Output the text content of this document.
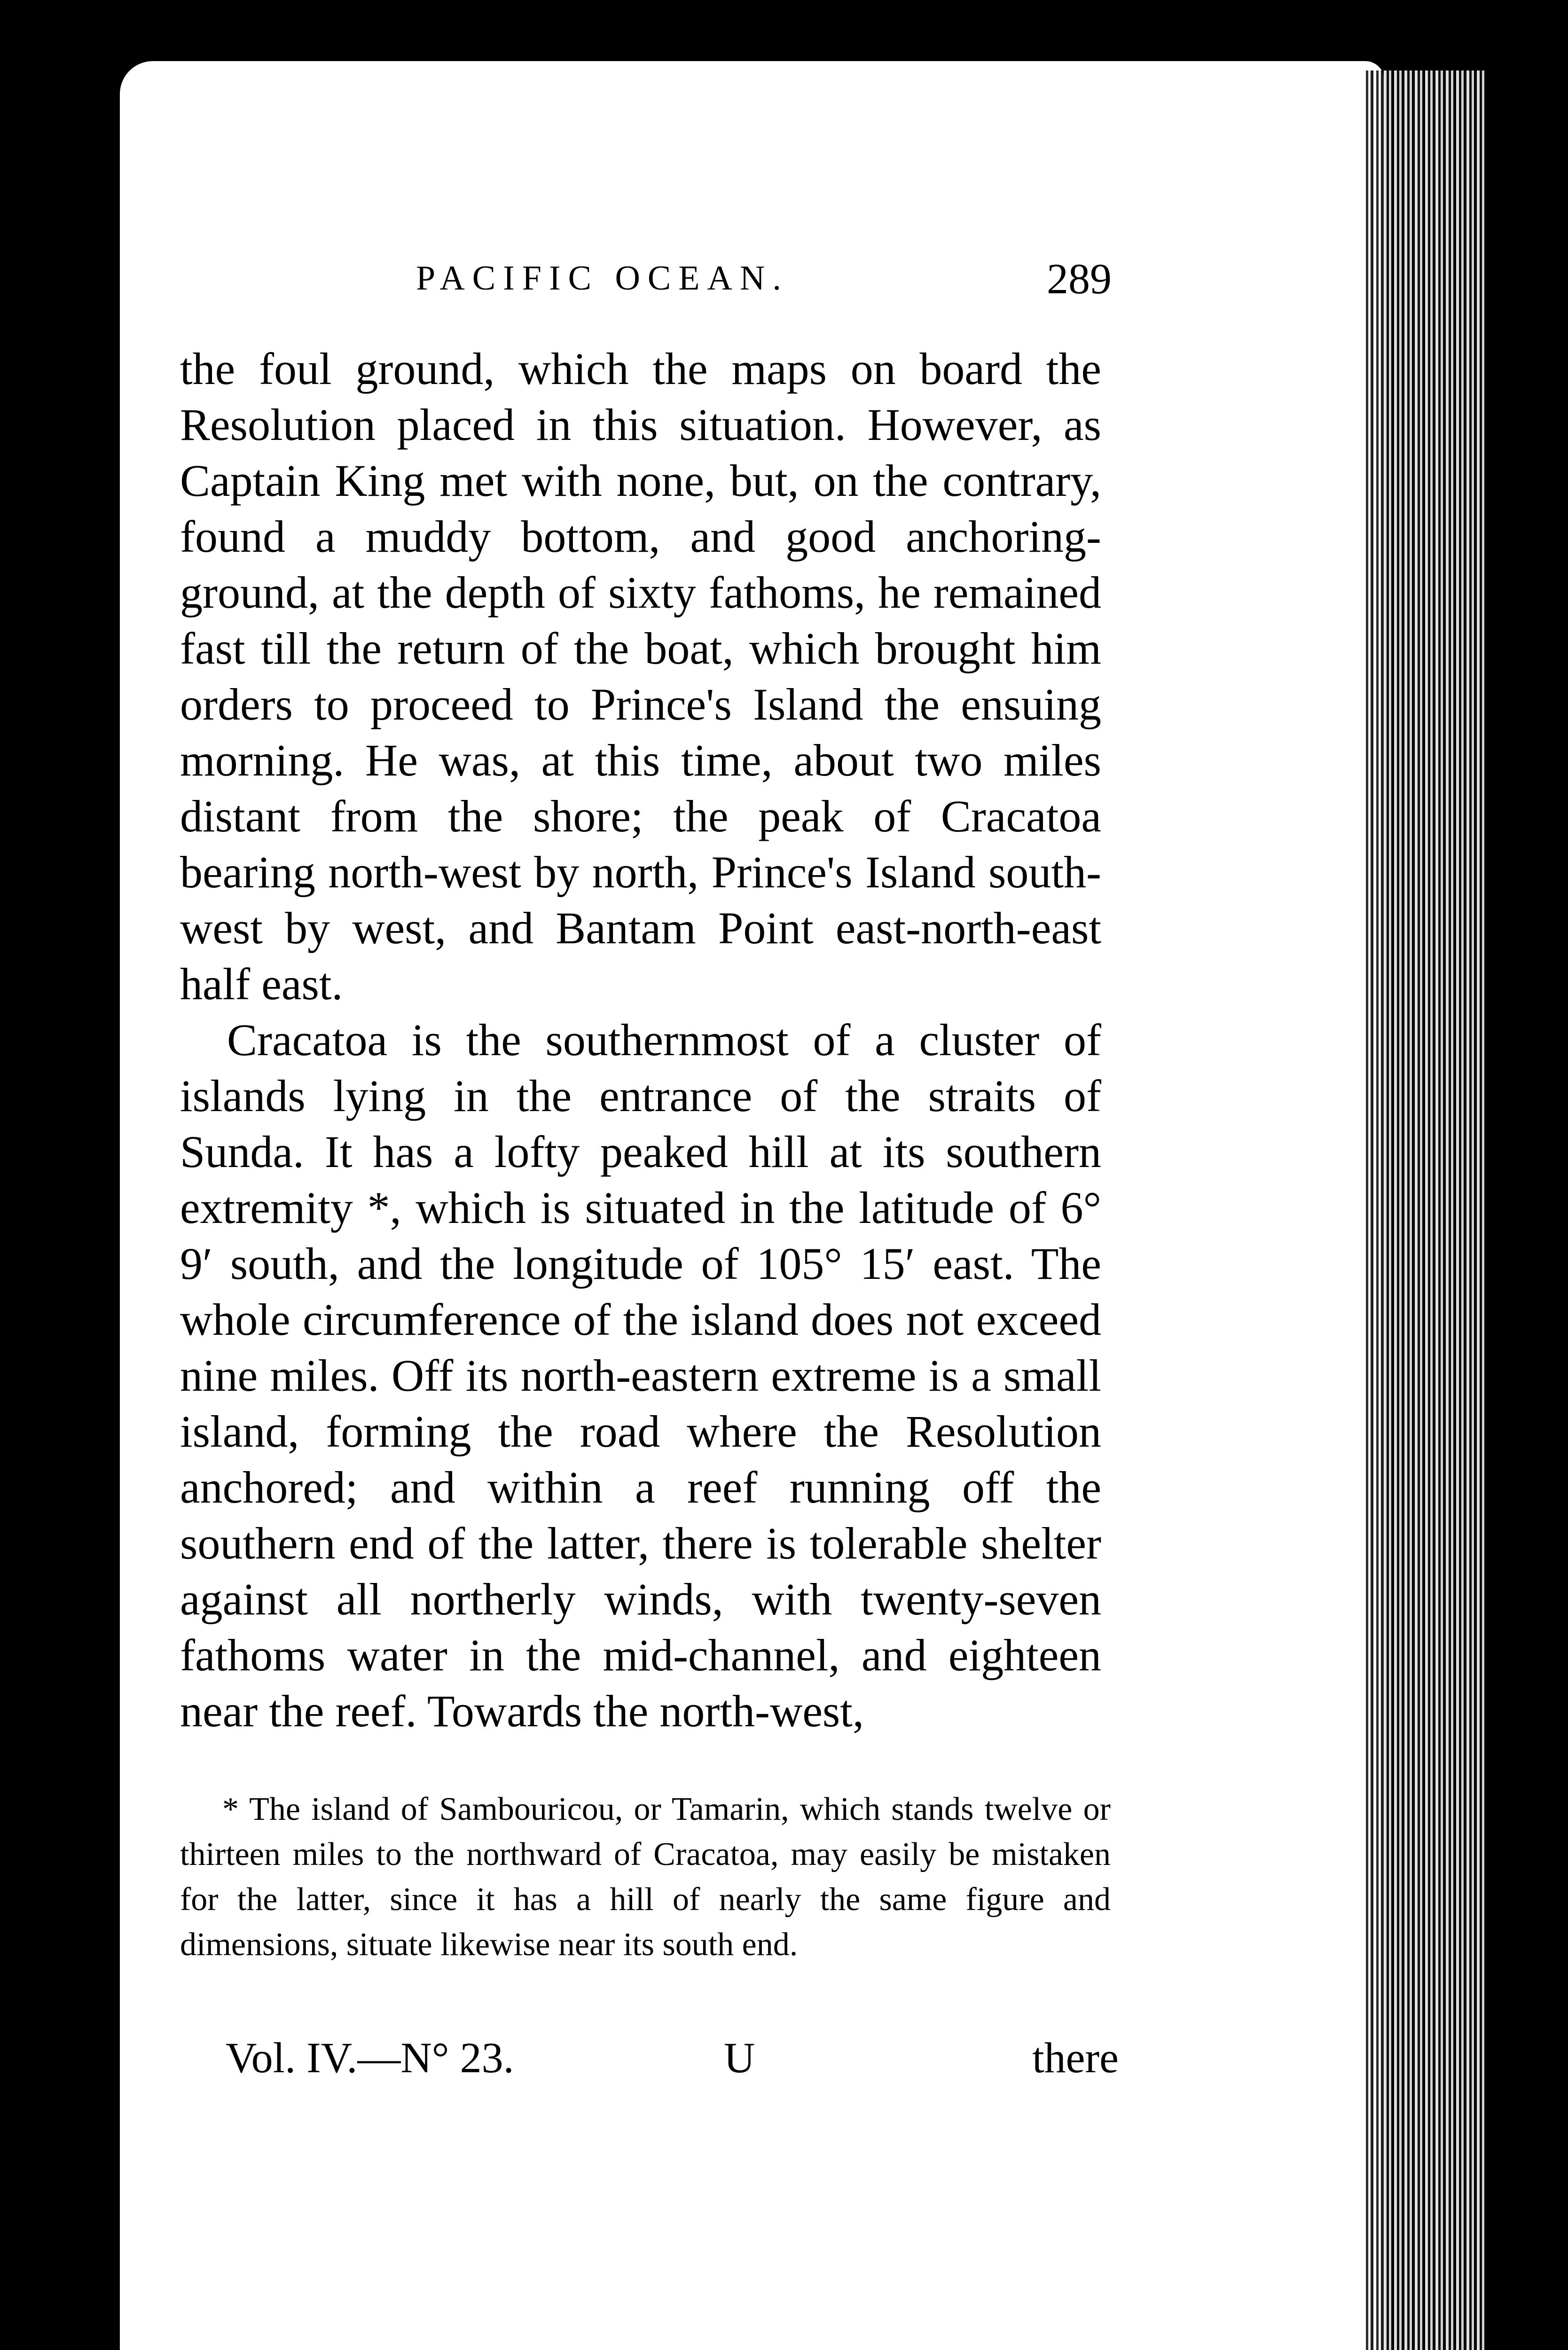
PACIFIC OCEAN.	289

the foul ground, which the maps on board the Resolution placed in this situation. However, as Captain King met with none, but, on the contrary, found a muddy bottom, and good anchoring-ground, at the depth of sixty fathoms, he remained fast till the return of the boat, which brought him orders to proceed to Prince's Island the ensuing morning. He was, at this time, about two miles distant from the shore; the peak of Cracatoa bearing north-west by north, Prince's Island south-west by west, and Bantam Point east-north-east half east.

Cracatoa is the southernmost of a cluster of islands lying in the entrance of the straits of Sunda. It has a lofty peaked hill at its southern extremity *, which is situated in the latitude of 6° 9′ south, and the longitude of 105° 15′ east. The whole circumference of the island does not exceed nine miles. Off its north-eastern extreme is a small island, forming the road where the Resolution anchored; and within a reef running off the southern end of the latter, there is tolerable shelter against all northerly winds, with twenty-seven fathoms water in the mid-channel, and eighteen near the reef. Towards the north-west,

* The island of Sambouricou, or Tamarin, which stands twelve or thirteen miles to the northward of Cracatoa, may easily be mistaken for the latter, since it has a hill of nearly the same figure and dimensions, situate likewise near its south end.
Vol. IV.—N° 23.	U	there
